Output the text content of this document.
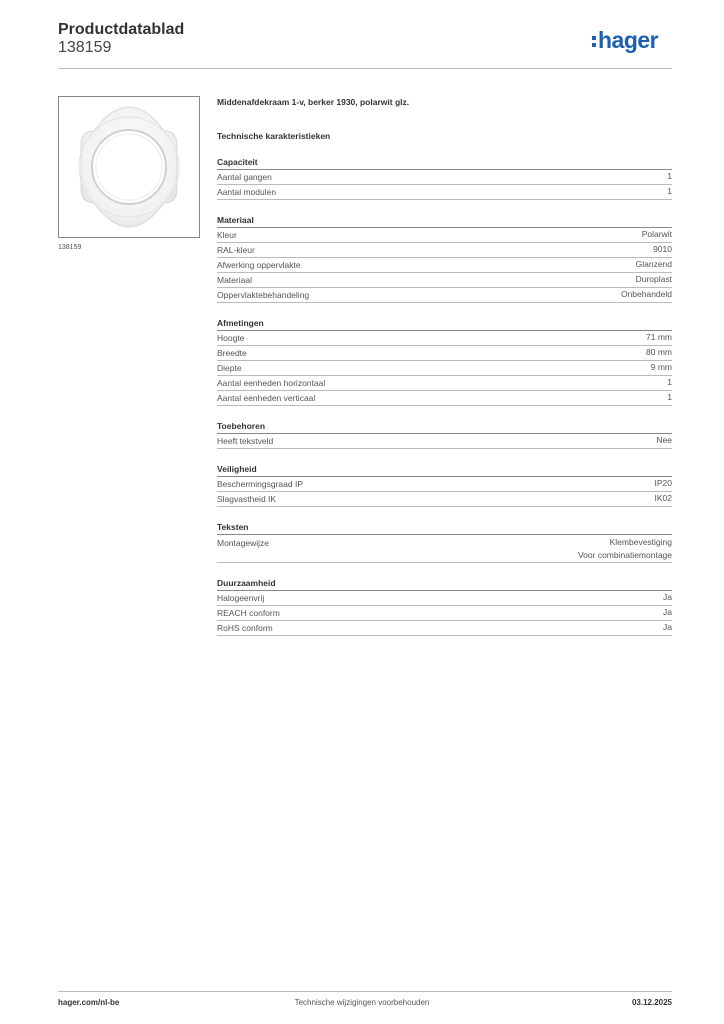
Productdatablad
138159	hager
138159
Middenafdekraam 1-v, berker 1930, polarwit glz.
Technische karakteristieken
Capaciteit
Aantal gangen	1
Aantal modulen	1
Materiaal
Kleur	Polarwit
RAL-kleur	9010
Afwerking oppervlakte	Glanzend
Materiaal	Duroplast
Oppervlaktebehandeling	Onbehandeld
Afmetingen
Hoogte	71 mm
Breedte	80 mm
Diepte	9 mm
Aantal eenheden horizontaal	1
Aantal eenheden verticaal	1
Toebehoren
Heeft tekstveld	Nee
Veiligheid
Beschermingsgraad IP	IP20
Slagvastheid IK	IK02
Teksten
Montagewijze	Klembevestiging
Voor combinatiemontage
Duurzaamheid
Halogeenvrij	Ja
REACH conform	Ja
RoHS conform	Ja
hager.com/nl-be	Technische wijzigingen voorbehouden	03.12.2025
